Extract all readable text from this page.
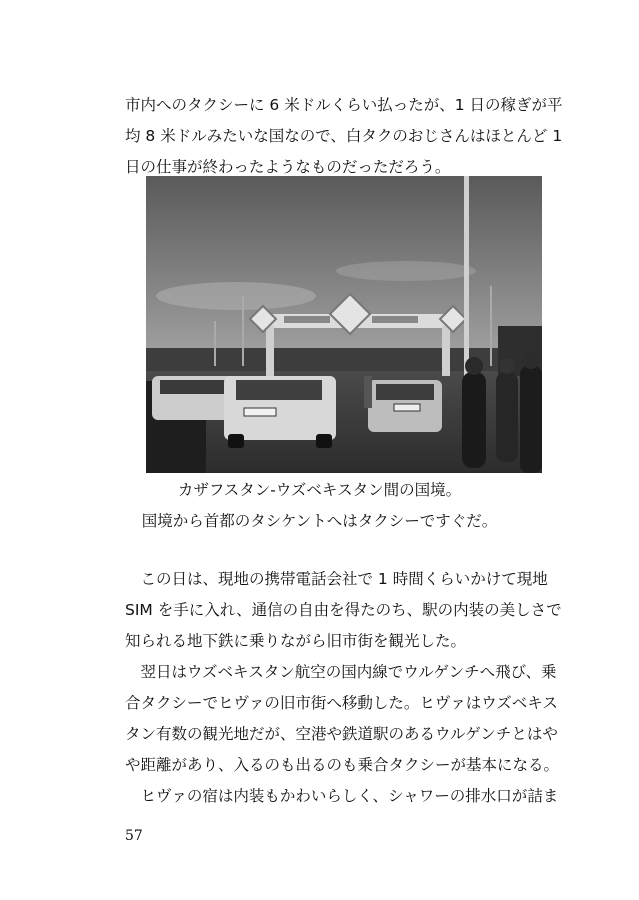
市内へのタクシーに 6 米ドルくらい払ったが、1 日の稼ぎが平
均 8 米ドルみたいな国なので、白タクのおじさんはほとんど 1
日の仕事が終わったようなものだっただろう。

カザフスタン-ウズベキスタン間の国境。

国境から首都のタシケントへはタクシーですぐだ。

　この日は、現地の携帯電話会社で 1 時間くらいかけて現地
SIM を手に入れ、通信の自由を得たのち、駅の内装の美しさで
知られる地下鉄に乗りながら旧市街を観光した。
　翌日はウズベキスタン航空の国内線でウルゲンチへ飛び、乗
合タクシーでヒヴァの旧市街へ移動した。ヒヴァはウズベキス
タン有数の観光地だが、空港や鉄道駅のあるウルゲンチとはや
や距離があり、入るのも出るのも乗合タクシーが基本になる。
　ヒヴァの宿は内装もかわいらしく、シャワーの排水口が詰ま
57
